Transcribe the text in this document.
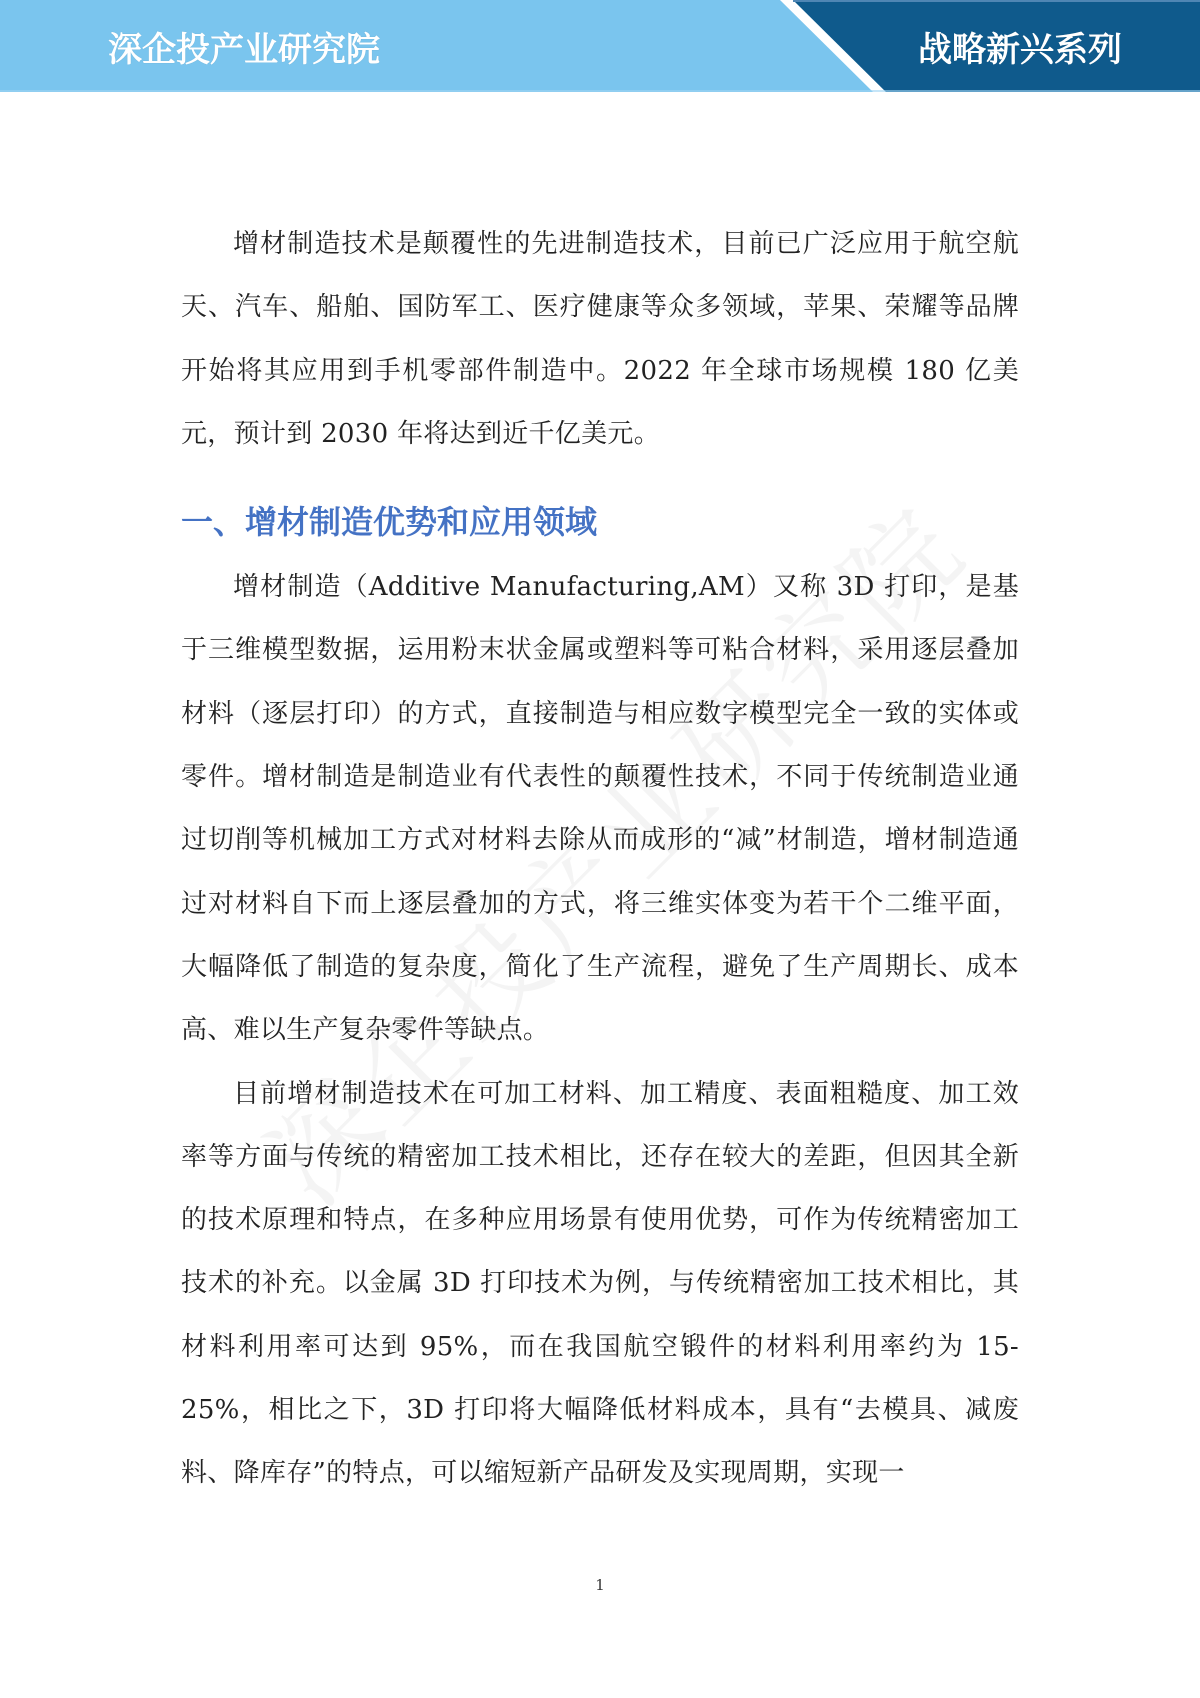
深企投产业研究院	战略新兴系列

增材制造技术是颠覆性的先进制造技术，目前已广泛应用于航空航天、汽车、船舶、国防军工、医疗健康等众多领域，苹果、荣耀等品牌开始将其应用到手机零部件制造中。2022 年全球市场规模 180 亿美元，预计到 2030 年将达到近千亿美元。

一、增材制造优势和应用领域

增材制造（Additive Manufacturing,AM）又称 3D 打印，是基于三维模型数据，运用粉末状金属或塑料等可粘合材料，采用逐层叠加材料（逐层打印）的方式，直接制造与相应数字模型完全一致的实体或零件。增材制造是制造业有代表性的颠覆性技术，不同于传统制造业通过切削等机械加工方式对材料去除从而成形的“减”材制造，增材制造通过对材料自下而上逐层叠加的方式，将三维实体变为若干个二维平面，大幅降低了制造的复杂度，简化了生产流程，避免了生产周期长、成本高、难以生产复杂零件等缺点。

目前增材制造技术在可加工材料、加工精度、表面粗糙度、加工效率等方面与传统的精密加工技术相比，还存在较大的差距，但因其全新的技术原理和特点，在多种应用场景有使用优势，可作为传统精密加工技术的补充。以金属 3D 打印技术为例，与传统精密加工技术相比，其材料利用率可达到 95%，而在我国航空锻件的材料利用率约为 15-25%，相比之下，3D 打印将大幅降低材料成本，具有“去模具、减废料、降库存”的特点，可以缩短新产品研发及实现周期，实现一

1
